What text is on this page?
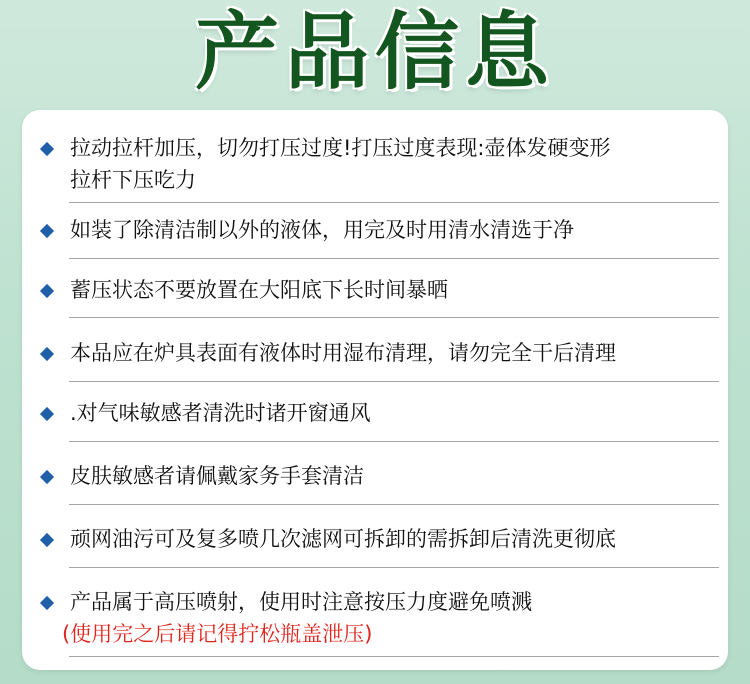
产品信息
拉动拉杆加压，切勿打压过度!打压过度表现:壶体发硬变形
拉杆下压吃力
如装了除清洁制以外的液体，用完及时用清水清选于净
蓄压状态不要放置在大阳底下长时间暴晒
本品应在炉具表面有液体时用湿布清理，请勿完全干后清理
.对气味敏感者清洗时诸开窗通风
皮肤敏感者请佩戴家务手套清洁
顽网油污可及复多喷几次滤网可拆卸的需拆卸后清洗更彻底
产品属于高压喷射，使用时注意按压力度避免喷溅
(使用完之后请记得拧松瓶盖泄压)
